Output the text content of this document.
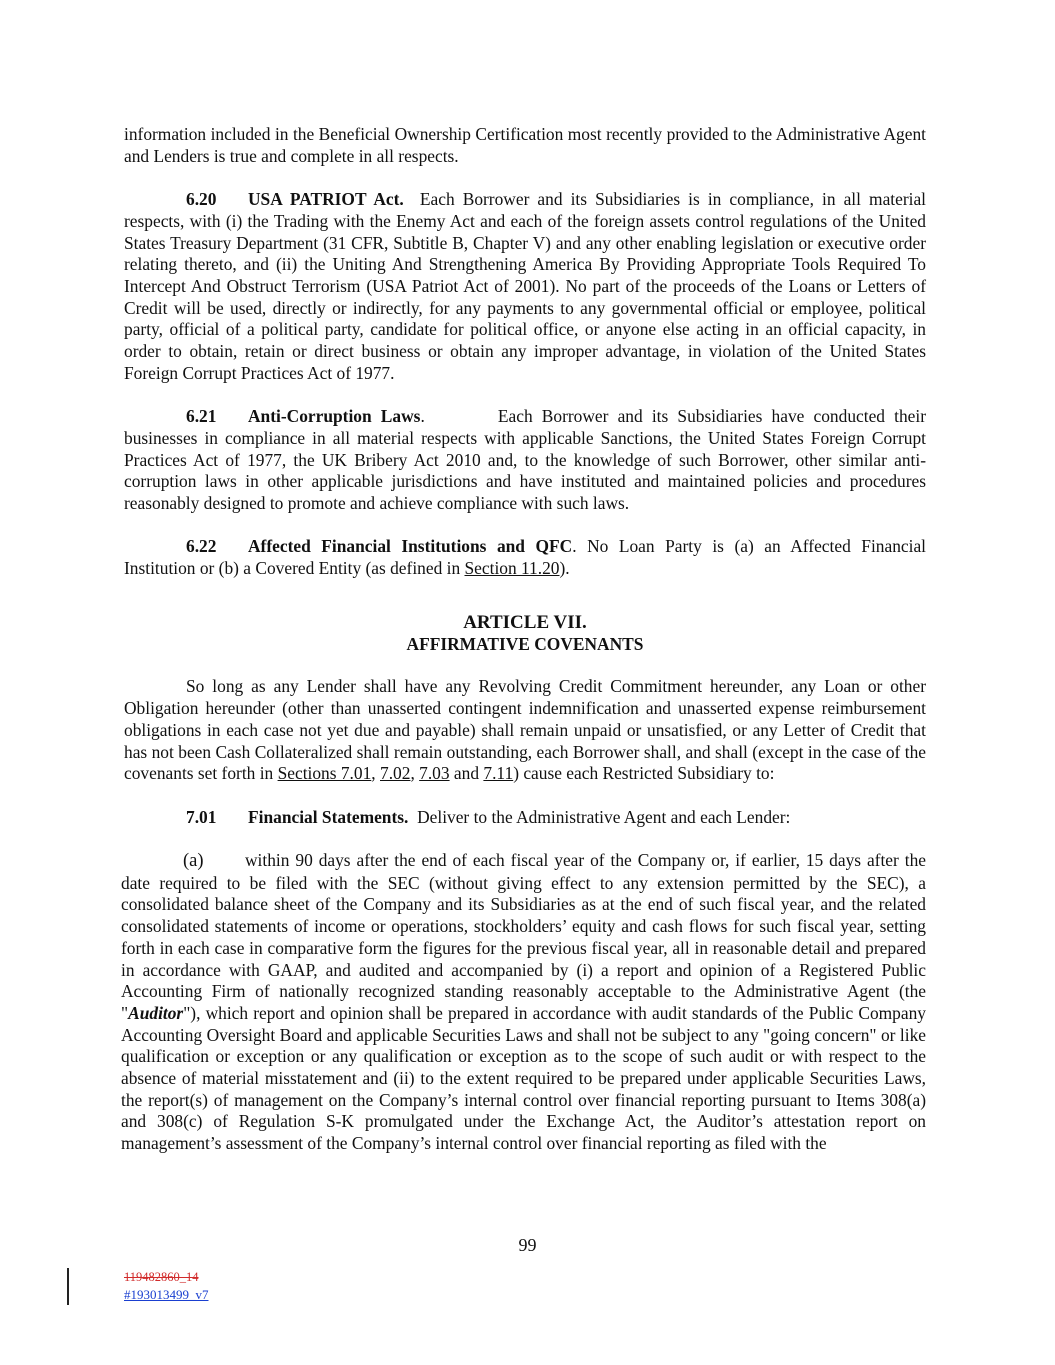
information included in the Beneficial Ownership Certification most recently provided to the Administrative Agent and Lenders is true and complete in all respects.

6.20 USA PATRIOT Act. Each Borrower and its Subsidiaries is in compliance, in all material respects, with (i) the Trading with the Enemy Act and each of the foreign assets control regulations of the United States Treasury Department (31 CFR, Subtitle B, Chapter V) and any other enabling legislation or executive order relating thereto, and (ii) the Uniting And Strengthening America By Providing Appropriate Tools Required To Intercept And Obstruct Terrorism (USA Patriot Act of 2001). No part of the proceeds of the Loans or Letters of Credit will be used, directly or indirectly, for any payments to any governmental official or employee, political party, official of a political party, candidate for political office, or anyone else acting in an official capacity, in order to obtain, retain or direct business or obtain any improper advantage, in violation of the United States Foreign Corrupt Practices Act of 1977.

6.21 Anti-Corruption Laws.	Each Borrower and its Subsidiaries have conducted their businesses in compliance in all material respects with applicable Sanctions, the United States Foreign Corrupt Practices Act of 1977, the UK Bribery Act 2010 and, to the knowledge of such Borrower, other similar anti-corruption laws in other applicable jurisdictions and have instituted and maintained policies and procedures reasonably designed to promote and achieve compliance with such laws.

6.22 Affected Financial Institutions and QFC. No Loan Party is (a) an Affected Financial Institution or (b) a Covered Entity (as defined in Section 11.20).

ARTICLE VII.
AFFIRMATIVE COVENANTS

So long as any Lender shall have any Revolving Credit Commitment hereunder, any Loan or other Obligation hereunder (other than unasserted contingent indemnification and unasserted expense reimbursement obligations in each case not yet due and payable) shall remain unpaid or unsatisfied, or any Letter of Credit that has not been Cash Collateralized shall remain outstanding, each Borrower shall, and shall (except in the case of the covenants set forth in Sections 7.01, 7.02, 7.03 and 7.11) cause each Restricted Subsidiary to:

7.01 Financial Statements. Deliver to the Administrative Agent and each Lender:

(a) within 90 days after the end of each fiscal year of the Company or, if earlier, 15 days after the date required to be filed with the SEC (without giving effect to any extension permitted by the SEC), a consolidated balance sheet of the Company and its Subsidiaries as at the end of such fiscal year, and the related consolidated statements of income or operations, stockholders’ equity and cash flows for such fiscal year, setting forth in each case in comparative form the figures for the previous fiscal year, all in reasonable detail and prepared in accordance with GAAP, and audited and accompanied by (i) a report and opinion of a Registered Public Accounting Firm of nationally recognized standing reasonably acceptable to the Administrative Agent (the "Auditor"), which report and opinion shall be prepared in accordance with audit standards of the Public Company Accounting Oversight Board and applicable Securities Laws and shall not be subject to any "going concern" or like qualification or exception or any qualification or exception as to the scope of such audit or with respect to the absence of material misstatement and (ii) to the extent required to be prepared under applicable Securities Laws, the report(s) of management on the Company’s internal control over financial reporting pursuant to Items 308(a) and 308(c) of Regulation S-K promulgated under the Exchange Act, the Auditor’s attestation report on management’s assessment of the Company’s internal control over financial reporting as filed with the

99
119482860_14
#193013499_v7
